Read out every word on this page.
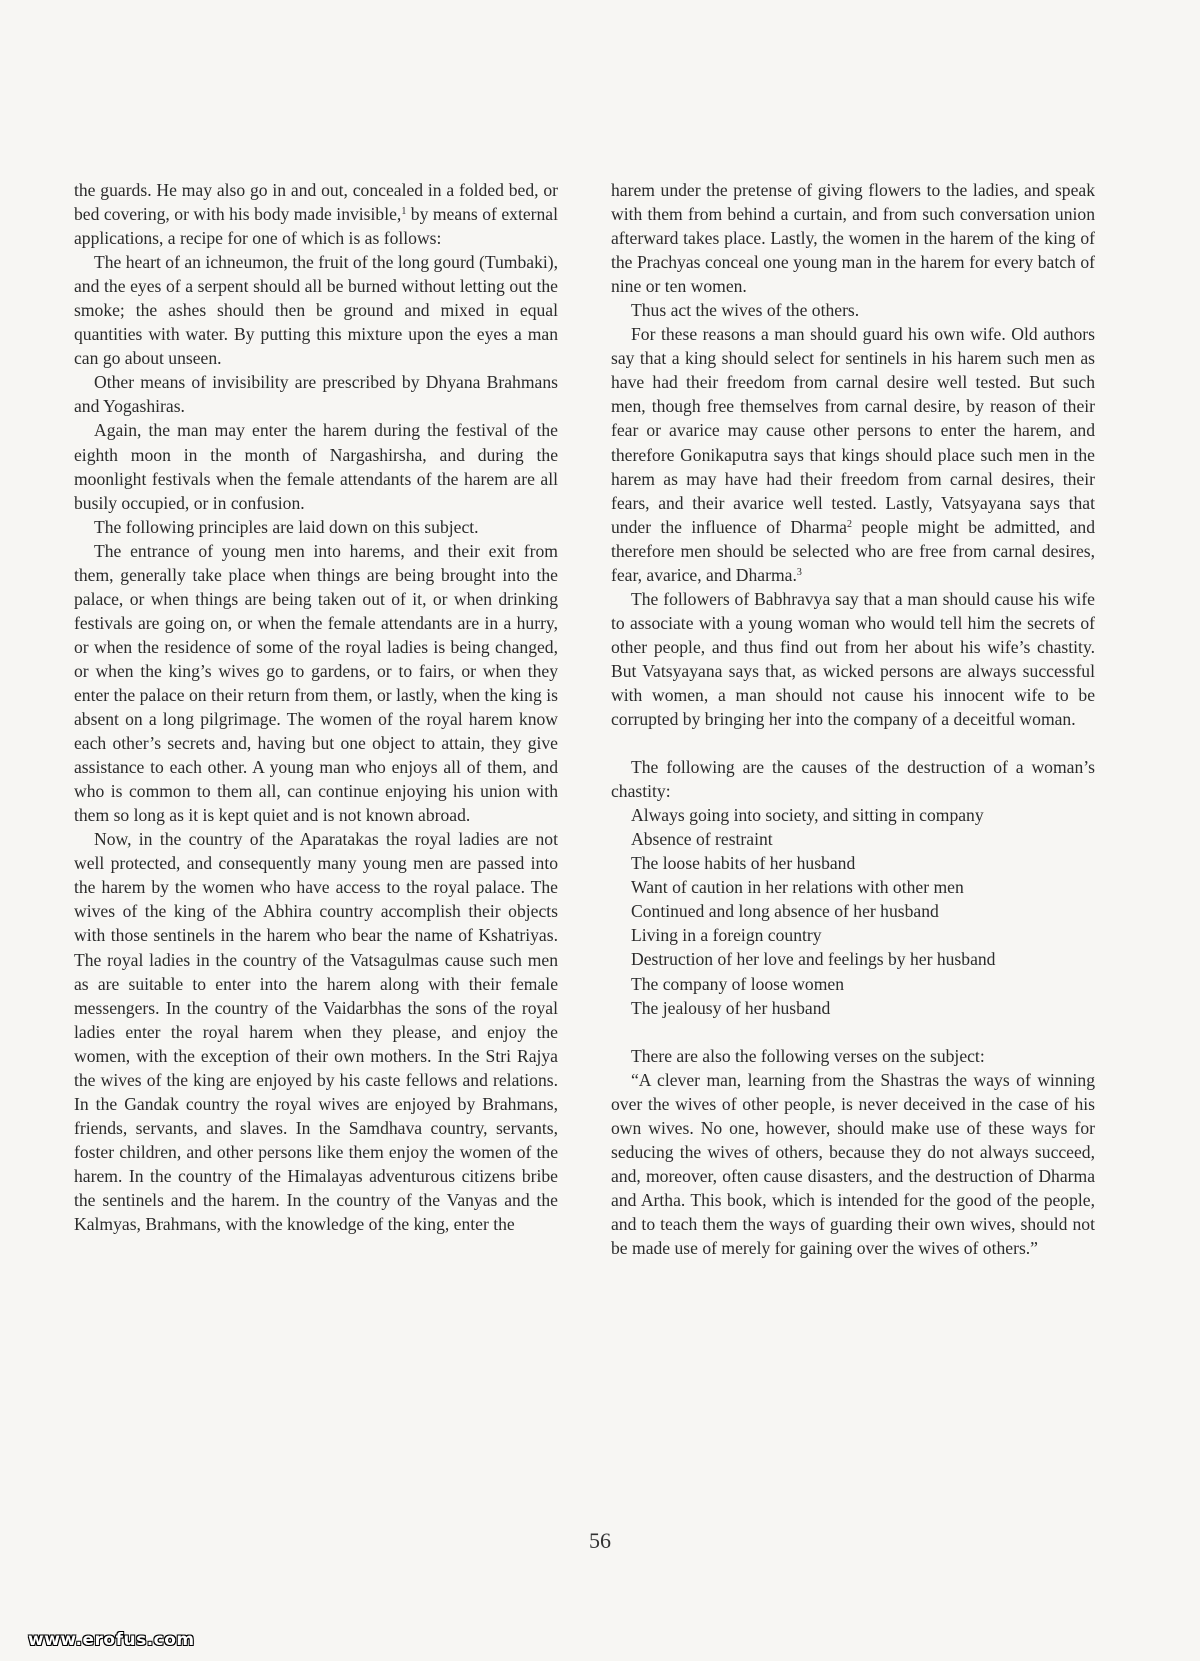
the guards. He may also go in and out, concealed in a folded bed, or bed covering, or with his body made invisible,$^1$ by means of external applications, a recipe for one of which is as follows:

The heart of an ichneumon, the fruit of the long gourd (Tumbaki), and the eyes of a serpent should all be burned without letting out the smoke; the ashes should then be ground and mixed in equal quantities with water. By putting this mixture upon the eyes a man can go about unseen.

Other means of invisibility are prescribed by Dhyana Brahmans and Yogashiras.

Again, the man may enter the harem during the festival of the eighth moon in the month of Nargashirsha, and during the moonlight festivals when the female attendants of the harem are all busily occupied, or in confusion.

The following principles are laid down on this subject.

The entrance of young men into harems, and their exit from them, generally take place when things are being brought into the palace, or when things are being taken out of it, or when drinking festivals are going on, or when the female attendants are in a hurry, or when the residence of some of the royal ladies is being changed, or when the king’s wives go to gardens, or to fairs, or when they enter the palace on their return from them, or lastly, when the king is absent on a long pilgrimage. The women of the royal harem know each other’s secrets and, having but one object to attain, they give assistance to each other. A young man who enjoys all of them, and who is common to them all, can continue enjoying his union with them so long as it is kept quiet and is not known abroad.

Now, in the country of the Aparatakas the royal ladies are not well protected, and consequently many young men are passed into the harem by the women who have access to the royal palace. The wives of the king of the Abhira country accomplish their objects with those sentinels in the harem who bear the name of Kshatriyas. The royal ladies in the country of the Vatsagulmas cause such men as are suitable to enter into the harem along with their female messengers. In the country of the Vaidarbhas the sons of the royal ladies enter the royal harem when they please, and enjoy the women, with the exception of their own mothers. In the Stri Rajya the wives of the king are enjoyed by his caste fellows and relations. In the Gandak country the royal wives are enjoyed by Brahmans, friends, servants, and slaves. In the Samdhava country, servants, foster children, and other persons like them enjoy the women of the harem. In the country of the Himalayas adventurous citizens bribe the sentinels and the harem. In the country of the Vanyas and the Kalmyas, Brahmans, with the knowledge of the king, enter the

harem under the pretense of giving flowers to the ladies, and speak with them from behind a curtain, and from such conversation union afterward takes place. Lastly, the women in the harem of the king of the Prachyas conceal one young man in the harem for every batch of nine or ten women.

Thus act the wives of the others.

For these reasons a man should guard his own wife. Old authors say that a king should select for sentinels in his harem such men as have had their freedom from carnal desire well tested. But such men, though free themselves from carnal desire, by reason of their fear or avarice may cause other persons to enter the harem, and therefore Gonikaputra says that kings should place such men in the harem as may have had their freedom from carnal desires, their fears, and their avarice well tested. Lastly, Vatsyayana says that under the influence of Dharma$^2$ people might be admitted, and therefore men should be selected who are free from carnal desires, fear, avarice, and Dharma.$^3$

The followers of Babhravya say that a man should cause his wife to associate with a young woman who would tell him the secrets of other people, and thus find out from her about his wife’s chastity. But Vatsyayana says that, as wicked persons are always successful with women, a man should not cause his innocent wife to be corrupted by bringing her into the company of a deceitful woman.

The following are the causes of the destruction of a woman’s chastity:

Always going into society, and sitting in company
Absence of restraint
The loose habits of her husband
Want of caution in her relations with other men
Continued and long absence of her husband
Living in a foreign country
Destruction of her love and feelings by her husband
The company of loose women
The jealousy of her husband

There are also the following verses on the subject:

“A clever man, learning from the Shastras the ways of winning over the wives of other people, is never deceived in the case of his own wives. No one, however, should make use of these ways for seducing the wives of others, because they do not always succeed, and, moreover, often cause disasters, and the destruction of Dharma and Artha. This book, which is intended for the good of the people, and to teach them the ways of guarding their own wives, should not be made use of merely for gaining over the wives of others.”

56
www.erofus.com
